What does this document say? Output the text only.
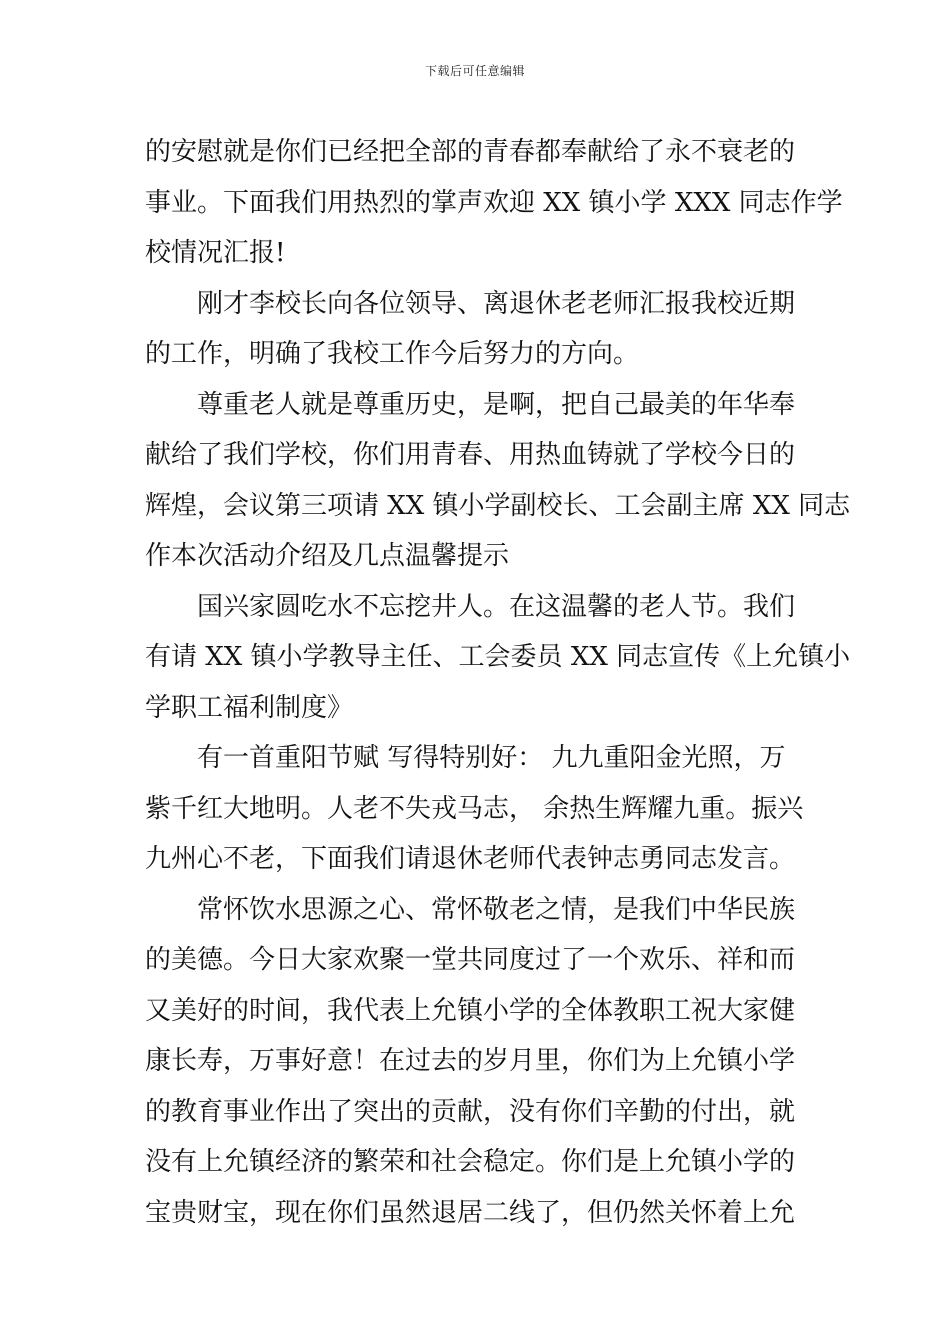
下载后可任意编辑
的安慰就是你们已经把全部的青春都奉献给了永不衰老的
事业。下面我们用热烈的掌声欢迎 XX 镇小学 XXX 同志作学
校情况汇报!
刚才李校长向各位领导、离退休老老师汇报我校近期
的工作，明确了我校工作今后努力的方向。
尊重老人就是尊重历史，是啊，把自己最美的年华奉
献给了我们学校，你们用青春、用热血铸就了学校今日的
辉煌，会议第三项请 XX 镇小学副校长、工会副主席 XX 同志
作本次活动介绍及几点温馨提示
国兴家圆吃水不忘挖井人。在这温馨的老人节。我们
有请 XX 镇小学教导主任、工会委员 XX 同志宣传《上允镇小
学职工福利制度》
有一首重阳节赋 写得特别好： 九九重阳金光照，万
紫千红大地明。人老不失戎马志， 余热生辉耀九重。振兴
九州心不老，下面我们请退休老师代表钟志勇同志发言。
常怀饮水思源之心、常怀敬老之情，是我们中华民族
的美德。今日大家欢聚一堂共同度过了一个欢乐、祥和而
又美好的时间，我代表上允镇小学的全体教职工祝大家健
康长寿，万事好意！在过去的岁月里，你们为上允镇小学
的教育事业作出了突出的贡献，没有你们辛勤的付出，就
没有上允镇经济的繁荣和社会稳定。你们是上允镇小学的
宝贵财宝，现在你们虽然退居二线了，但仍然关怀着上允
